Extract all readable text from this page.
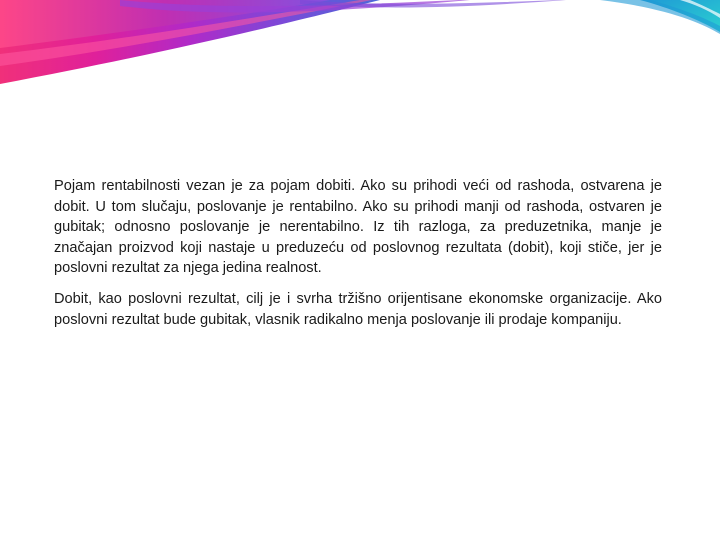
Pojam rentabilnosti vezan je za pojam dobiti. Ako su prihodi veći od rashoda, ostvarena je dobit. U tom slučaju, poslovanje je rentabilno. Ako su prihodi manji od rashoda, ostvaren je gubitak; odnosno poslovanje je nerentabilno. Iz tih razloga, za preduzetnika, manje je značajan proizvod koji nastaje u preduzeću od poslovnog rezultata (dobit), koji stiče, jer je poslovni rezultat za njega jedina realnost.

Dobit, kao poslovni rezultat, cilj je i svrha tržišno orijentisane ekonomske organizacije. Ako poslovni rezultat bude gubitak, vlasnik radikalno menja poslovanje ili prodaje kompaniju.
